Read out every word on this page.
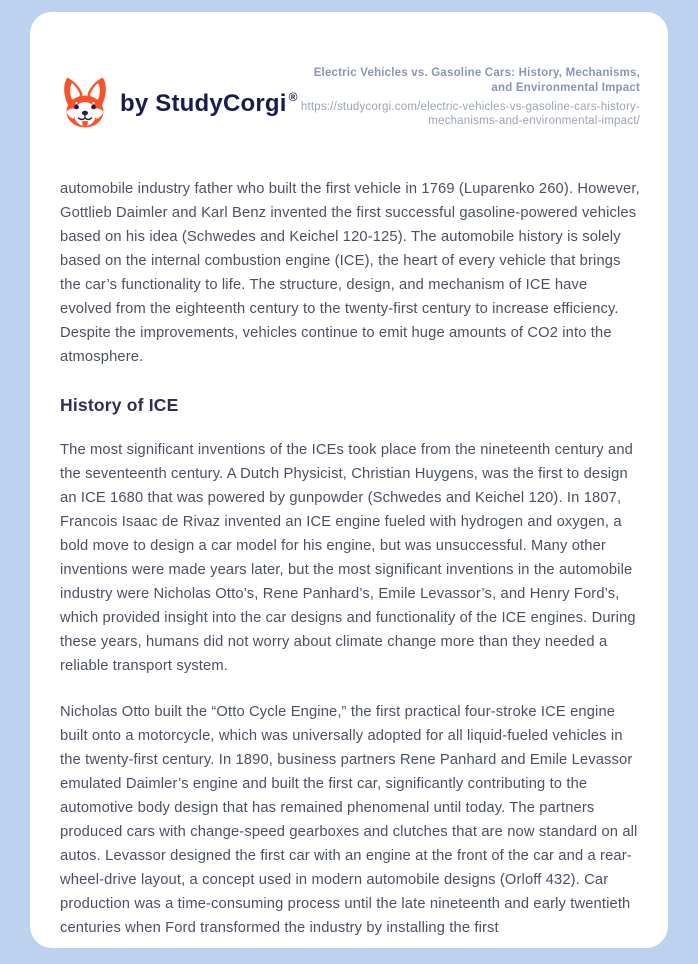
by StudyCorgi ®
Electric Vehicles vs. Gasoline Cars: History, Mechanisms, and Environmental Impact
https://studycorgi.com/electric-vehicles-vs-gasoline-cars-history-mechanisms-and-environmental-impact/

automobile industry father who built the first vehicle in 1769 (Luparenko 260). However, Gottlieb Daimler and Karl Benz invented the first successful gasoline-powered vehicles based on his idea (Schwedes and Keichel 120-125). The automobile history is solely based on the internal combustion engine (ICE), the heart of every vehicle that brings the car’s functionality to life. The structure, design, and mechanism of ICE have evolved from the eighteenth century to the twenty-first century to increase efficiency. Despite the improvements, vehicles continue to emit huge amounts of CO2 into the atmosphere.

History of ICE

The most significant inventions of the ICEs took place from the nineteenth century and the seventeenth century. A Dutch Physicist, Christian Huygens, was the first to design an ICE 1680 that was powered by gunpowder (Schwedes and Keichel 120). In 1807, Francois Isaac de Rivaz invented an ICE engine fueled with hydrogen and oxygen, a bold move to design a car model for his engine, but was unsuccessful. Many other inventions were made years later, but the most significant inventions in the automobile industry were Nicholas Otto’s, Rene Panhard’s, Emile Levassor’s, and Henry Ford’s, which provided insight into the car designs and functionality of the ICE engines. During these years, humans did not worry about climate change more than they needed a reliable transport system.

Nicholas Otto built the “Otto Cycle Engine,” the first practical four-stroke ICE engine built onto a motorcycle, which was universally adopted for all liquid-fueled vehicles in the twenty-first century. In 1890, business partners Rene Panhard and Emile Levassor emulated Daimler’s engine and built the first car, significantly contributing to the automotive body design that has remained phenomenal until today. The partners produced cars with change-speed gearboxes and clutches that are now standard on all autos. Levassor designed the first car with an engine at the front of the car and a rear-wheel-drive layout, a concept used in modern automobile designs (Orloff 432). Car production was a time-consuming process until the late nineteenth and early twentieth centuries when Ford transformed the industry by installing the first
